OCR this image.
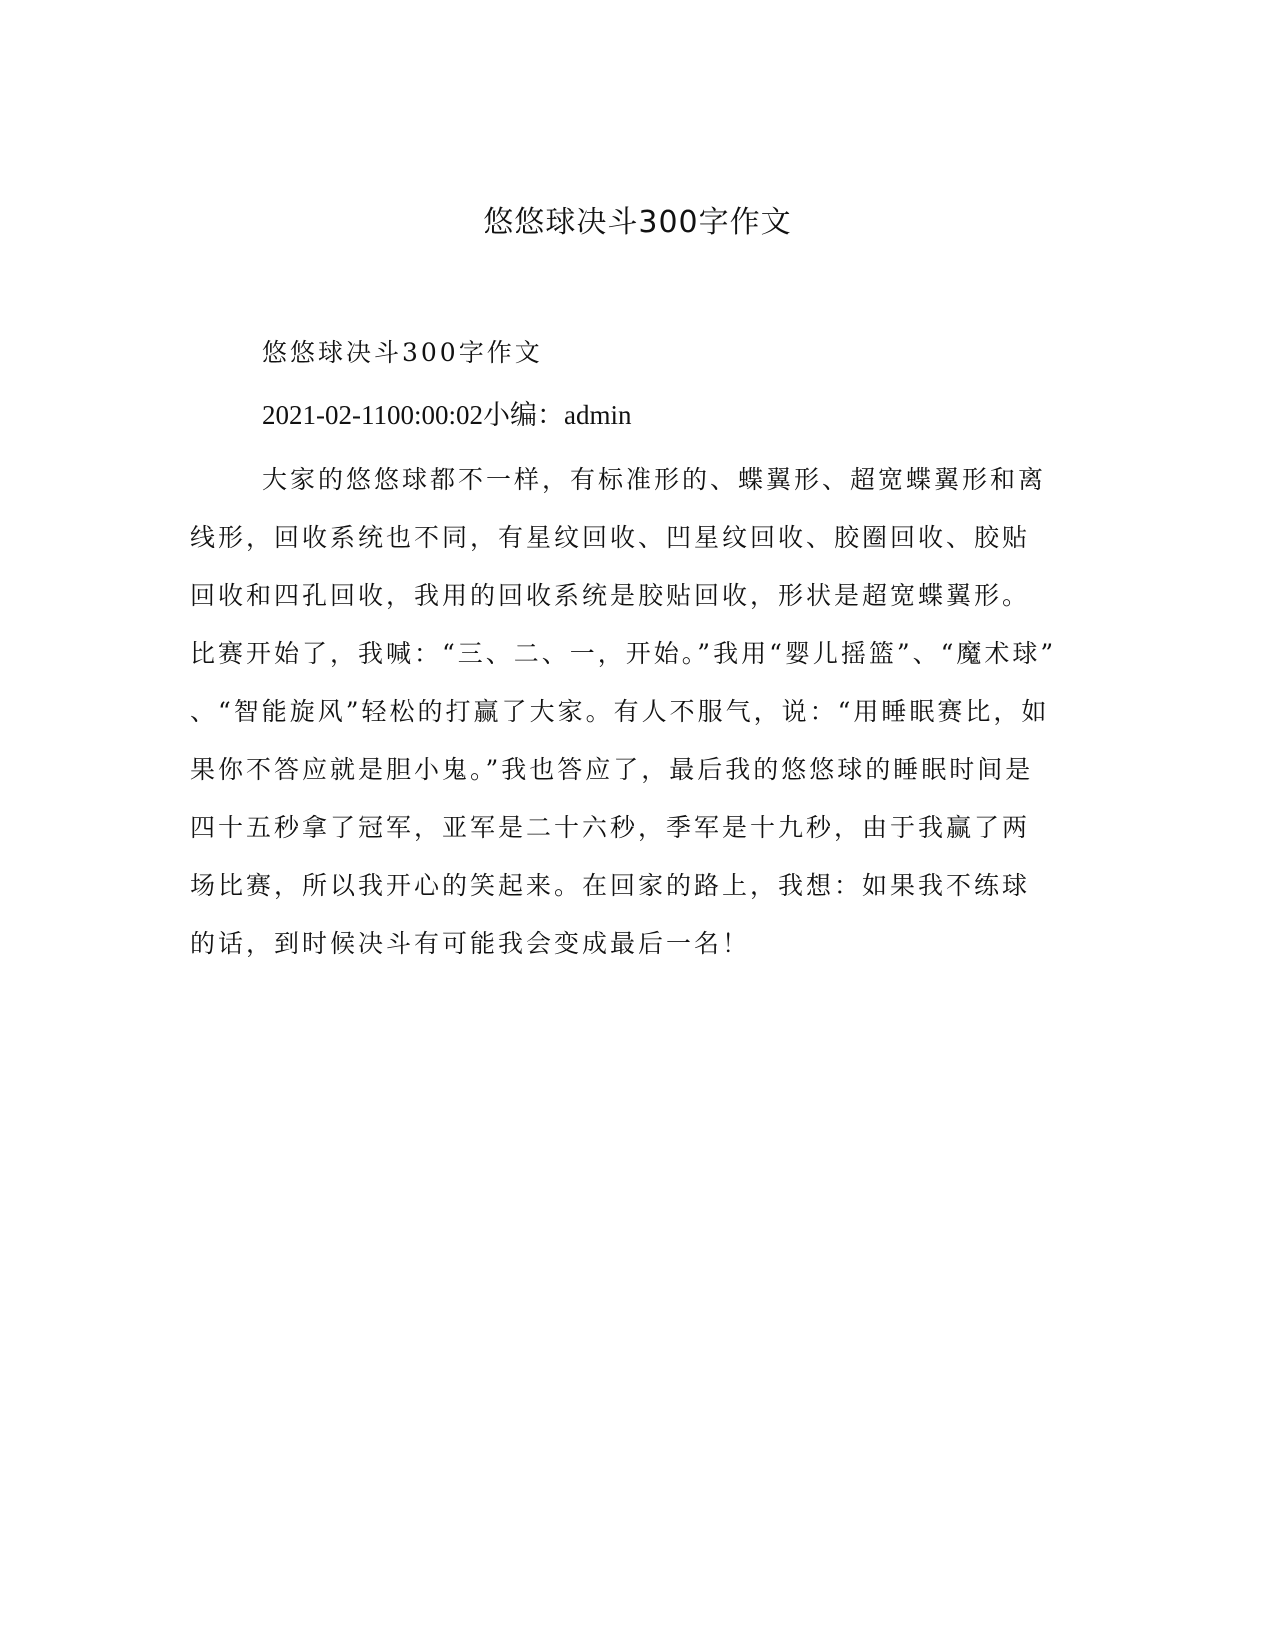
悠悠球决斗300字作文

悠悠球决斗300字作文

2021-02-1100:00:02小编：admin

大家的悠悠球都不一样，有标准形的、蝶翼形、超宽蝶翼形和离
线形，回收系统也不同，有星纹回收、凹星纹回收、胶圈回收、胶贴
回收和四孔回收，我用的回收系统是胶贴回收，形状是超宽蝶翼形。
比赛开始了，我喊：“三、二、一，开始。”我用“婴儿摇篮”、“魔术球”
、“智能旋风”轻松的打赢了大家。有人不服气，说：“用睡眠赛比，如
果你不答应就是胆小鬼。”我也答应了，最后我的悠悠球的睡眠时间是
四十五秒拿了冠军，亚军是二十六秒，季军是十九秒，由于我赢了两
场比赛，所以我开心的笑起来。在回家的路上，我想：如果我不练球
的话，到时候决斗有可能我会变成最后一名！
